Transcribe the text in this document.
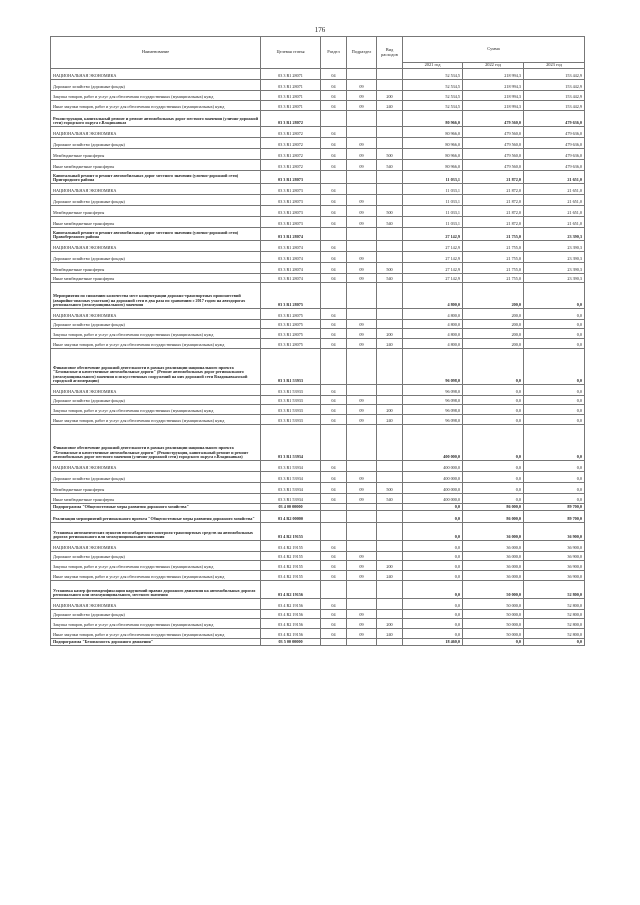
176
Наименование	Целевая статья	Раздел	Подраздел	Вид расходов	Сумма		
					2021 год	2022 год	2023 год
НАЦИОНАЛЬНАЯ ЭКОНОМИКА	03 3 R1 28071	04			52 534,5	218 994,3	153 442,9
Дорожное хозяйство (дорожные фонды)	03 3 R1 28071	04	09		52 534,5	218 994,3	153 442,9
Закупка товаров, работ и услуг для обеспечения государственных (муниципальных) нужд	03 3 R1 28071	04	09	200	52 534,5	218 994,3	153 442,9
Иные закупки товаров, работ и услуг для обеспечения государственных (муниципальных) нужд	03 3 R1 28071	04	09	240	52 534,5	218 994,3	153 442,9
Реконструкция, капитальный ремонт и ремонт автомобильных дорог местного значения (улично-дорожной сети) городского округа г.Владикавказ	03 3 R1 28072				80 966,0	479 560,0	479 636,0
НАЦИОНАЛЬНАЯ ЭКОНОМИКА	03 3 R1 28072	04			80 966,0	479 560,0	479 636,0
Дорожное хозяйство (дорожные фонды)	03 3 R1 28072	04	09		80 966,0	479 560,0	479 636,0
Межбюджетные трансферты	03 3 R1 28072	04	09	500	80 966,0	479 560,0	479 636,0
Иные межбюджетные трансферты	03 3 R1 28072	04	09	540	80 966,0	479 560,0	479 636,0
Капитальный ремонт и ремонт автомобильных дорог местного значения (улично-дорожной сети) Пригородного района	03 3 R1 28073				11 033,1	21 872,0	21 651,0
НАЦИОНАЛЬНАЯ ЭКОНОМИКА	03 3 R1 28073	04			11 033,1	21 872,0	21 651,0
Дорожное хозяйство (дорожные фонды)	03 3 R1 28073	04	09		11 033,1	21 872,0	21 651,0
Межбюджетные трансферты	03 3 R1 28073	04	09	500	11 033,1	21 872,0	21 651,0
Иные межбюджетные трансферты	03 3 R1 28073	04	09	540	11 033,1	21 872,0	21 651,0
Капитальный ремонт и ремонт автомобильных дорог местного значения (улично-дорожной сети) Правобережного района	03 3 R1 28074				27 142,9	21 755,0	23 390,3
НАЦИОНАЛЬНАЯ ЭКОНОМИКА	03 3 R1 28074	04			27 142,9	21 755,0	23 390,3
Дорожное хозяйство (дорожные фонды)	03 3 R1 28074	04	09		27 142,9	21 755,0	23 390,3
Межбюджетные трансферты	03 3 R1 28074	04	09	500	27 142,9	21 755,0	23 390,3
Иные межбюджетные трансферты	03 3 R1 28074	04	09	540	27 142,9	21 755,0	23 390,3
Мероприятия по снижению количества мест концентрации дорожно-транспортных происшествий (аварийно-опасных участков) на дорожной сети в два раза по сравнению с 2017 годом на автодорогах регионального (межмуниципального) значения	03 3 R1 28075				4 800,0	200,0	0,0
НАЦИОНАЛЬНАЯ ЭКОНОМИКА	03 3 R1 28075	04			4 800,0	200,0	0,0
Дорожное хозяйство (дорожные фонды)	03 3 R1 28075	04	09		4 800,0	200,0	0,0
Закупка товаров, работ и услуг для обеспечения государственных (муниципальных) нужд	03 3 R1 28075	04	09	200	4 800,0	200,0	0,0
Иные закупки товаров, работ и услуг для обеспечения государственных (муниципальных) нужд	03 3 R1 28075	04	09	240	4 800,0	200,0	0,0
Финансовое обеспечение дорожной деятельности в рамках реализации национального проекта "Безопасные и качественные автомобильные дороги" (Ремонт автомобильных дорог регионального (межмуниципального) значения и искусственных сооружений на них дорожной сети Владикавказской городской агломерации)	03 3 R1 53933				96 098,0	0,0	0,0
НАЦИОНАЛЬНАЯ ЭКОНОМИКА	03 3 R1 53933	04			96 098,0	0,0	0,0
Дорожное хозяйство (дорожные фонды)	03 3 R1 53933	04	09		96 098,0	0,0	0,0
Закупка товаров, работ и услуг для обеспечения государственных (муниципальных) нужд	03 3 R1 53933	04	09	200	96 098,0	0,0	0,0
Иные закупки товаров, работ и услуг для обеспечения государственных (муниципальных) нужд	03 3 R1 53933	04	09	240	96 098,0	0,0	0,0
Финансовое обеспечение дорожной деятельности в рамках реализации национального проекта "Безопасные и качественные автомобильные дороги" (Реконструкция, капитальный ремонт и ремонт автомобильных дорог местного значения (улично-дорожной сети) городского округа г.Владикавказ)	03 3 R1 53934				400 000,0	0,0	0,0
НАЦИОНАЛЬНАЯ ЭКОНОМИКА	03 3 R1 53934	04			400 000,0	0,0	0,0
Дорожное хозяйство (дорожные фонды)	03 3 R1 53934	04	09		400 000,0	0,0	0,0
Межбюджетные трансферты	03 3 R1 53934	04	09	500	400 000,0	0,0	0,0
Иные межбюджетные трансферты	03 3 R1 53934	04	09	540	400 000,0	0,0	0,0
Подпрограмма "Общесистемные меры развития дорожного хозяйства"	03 4 00 00000				0,0	86 000,0	89 700,0
Реализация мероприятий регионального проекта "Общесистемные меры развития дорожного хозяйства"	03 4 R2 00000				0,0	86 000,0	89 700,0
Установка автоматических пунктов весогабаритного контроля транспортных средств на автомобильных дорогах регионального или межмуниципального значения	03 4 R2 19155				0,0	36 000,0	36 900,0
НАЦИОНАЛЬНАЯ ЭКОНОМИКА	03 4 R2 19155	04			0,0	36 000,0	36 900,0
Дорожное хозяйство (дорожные фонды)	03 4 R2 19155	04	09		0,0	36 000,0	36 900,0
Закупка товаров, работ и услуг для обеспечения государственных (муниципальных) нужд	03 4 R2 19155	04	09	200	0,0	36 000,0	36 900,0
Иные закупки товаров, работ и услуг для обеспечения государственных (муниципальных) нужд	03 4 R2 19155	04	09	240	0,0	36 000,0	36 900,0
Установка камер фотовидеофиксации нарушений правил дорожного движения на автомобильных дорогах регионального или межмуниципального, местного значения	03 4 R2 19156				0,0	50 000,0	52 800,0
НАЦИОНАЛЬНАЯ ЭКОНОМИКА	03 4 R2 19156	04			0,0	50 000,0	52 800,0
Дорожное хозяйство (дорожные фонды)	03 4 R2 19156	04	09		0,0	50 000,0	52 800,0
Закупка товаров, работ и услуг для обеспечения государственных (муниципальных) нужд	03 4 R2 19156	04	09	200	0,0	50 000,0	52 800,0
Иные закупки товаров, работ и услуг для обеспечения государственных (муниципальных) нужд	03 4 R2 19156	04	09	240	0,0	50 000,0	52 800,0
Подпрограмма "Безопасность дорожного движения"	03 5 00 00000				18 460,0	0,0	0,0
